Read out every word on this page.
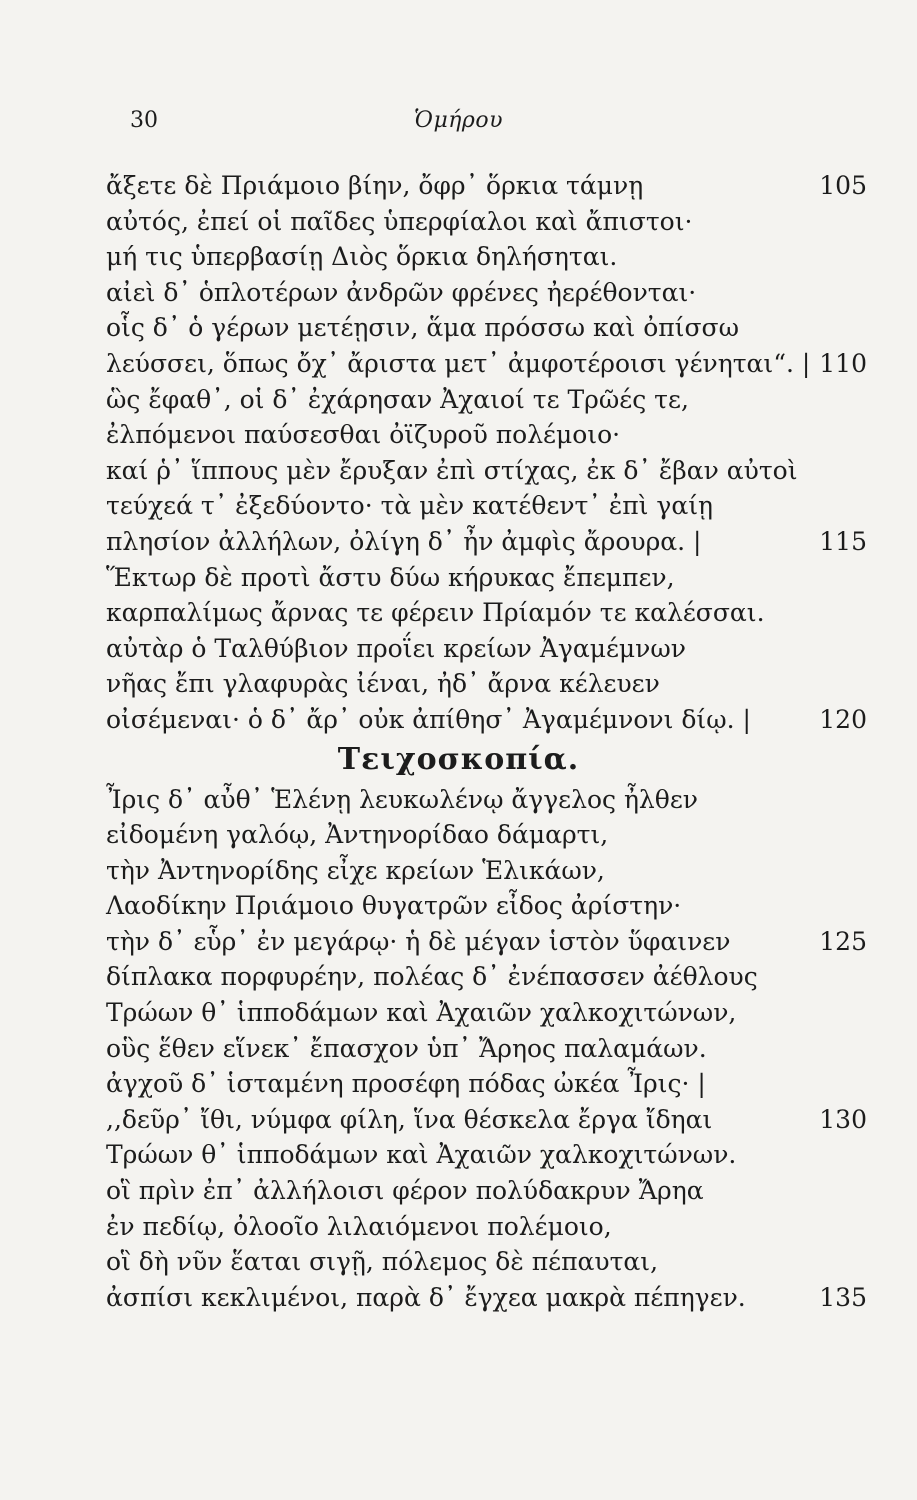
30	Ὁμήρου
ἄξετε δὲ Πριάμοιο βίην, ὄφρ᾽ ὅρκια τάμνῃ	105
αὐτός, ἐπεί οἱ παῖδες ὑπερφίαλοι καὶ ἄπιστοι·
μή τις ὑπερβασίῃ Διὸς ὅρκια δηλήσηται.
αἰεὶ δ᾽ ὁπλοτέρων ἀνδρῶν φρένες ἠερέθονται·
οἷς δ᾽ ὁ γέρων μετέῃσιν, ἅμα πρόσσω καὶ ὀπίσσω
λεύσσει, ὅπως ὄχ᾽ ἄριστα μετ᾽ ἀμφοτέροισι γένηται“. | 110
ὣς ἔφαθ᾽, οἱ δ᾽ ἐχάρησαν Ἀχαιοί τε Τρῶές τε,
ἐλπόμενοι παύσεσθαι ὀϊζυροῦ πολέμοιο·
καί ῥ᾽ ἵππους μὲν ἔρυξαν ἐπὶ στίχας, ἐκ δ᾽ ἔβαν αὐτοὶ
τεύχεά τ᾽ ἐξεδύοντο· τὰ μὲν κατέθεντ᾽ ἐπὶ γαίῃ
πλησίον ἀλλήλων, ὀλίγη δ᾽ ἦν ἀμφὶς ἄρουρα. |	115
Ἕκτωρ δὲ προτὶ ἄστυ δύω κήρυκας ἔπεμπεν,
καρπαλίμως ἄρνας τε φέρειν Πρίαμόν τε καλέσσαι.
αὐτὰρ ὁ Ταλθύβιον προΐει κρείων Ἀγαμέμνων
νῆας ἔπι γλαφυρὰς ἰέναι, ἠδ᾽ ἄρνα κέλευεν
οἰσέμεναι· ὁ δ᾽ ἄρ᾽ οὐκ ἀπίθησ᾽ Ἀγαμέμνονι δίῳ. |	120
Τειχοσκοπία.
Ἶρις δ᾽ αὖθ᾽ Ἑλένῃ λευκωλένῳ ἄγγελος ἦλθεν
εἰδομένη γαλόῳ, Ἀντηνορίδαο δάμαρτι,
τὴν Ἀντηνορίδης εἶχε κρείων Ἑλικάων,
Λαοδίκην Πριάμοιο θυγατρῶν εἶδος ἀρίστην·
τὴν δ᾽ εὗρ᾽ ἐν μεγάρῳ· ἡ δὲ μέγαν ἱστὸν ὕφαινεν	125
δίπλακα πορφυρέην, πολέας δ᾽ ἐνέπασσεν ἀέθλους
Τρώων θ᾽ ἱπποδάμων καὶ Ἀχαιῶν χαλκοχιτώνων,
οὓς ἕθεν εἵνεκ᾽ ἔπασχον ὑπ᾽ Ἄρηος παλαμάων.
ἀγχοῦ δ᾽ ἱσταμένη προσέφη πόδας ὠκέα Ἶρις· |
,,δεῦρ᾽ ἴθι, νύμφα φίλη, ἵνα θέσκελα ἔργα ἴδηαι	130
Τρώων θ᾽ ἱπποδάμων καὶ Ἀχαιῶν χαλκοχιτώνων.
οἳ πρὶν ἐπ᾽ ἀλλήλοισι φέρον πολύδακρυν Ἄρηα
ἐν πεδίῳ, ὀλοοῖο λιλαιόμενοι πολέμοιο,
οἳ δὴ νῦν ἕαται σιγῇ, πόλεμος δὲ πέπαυται,
ἀσπίσι κεκλιμένοι, παρὰ δ᾽ ἔγχεα μακρὰ πέπηγεν.	135
